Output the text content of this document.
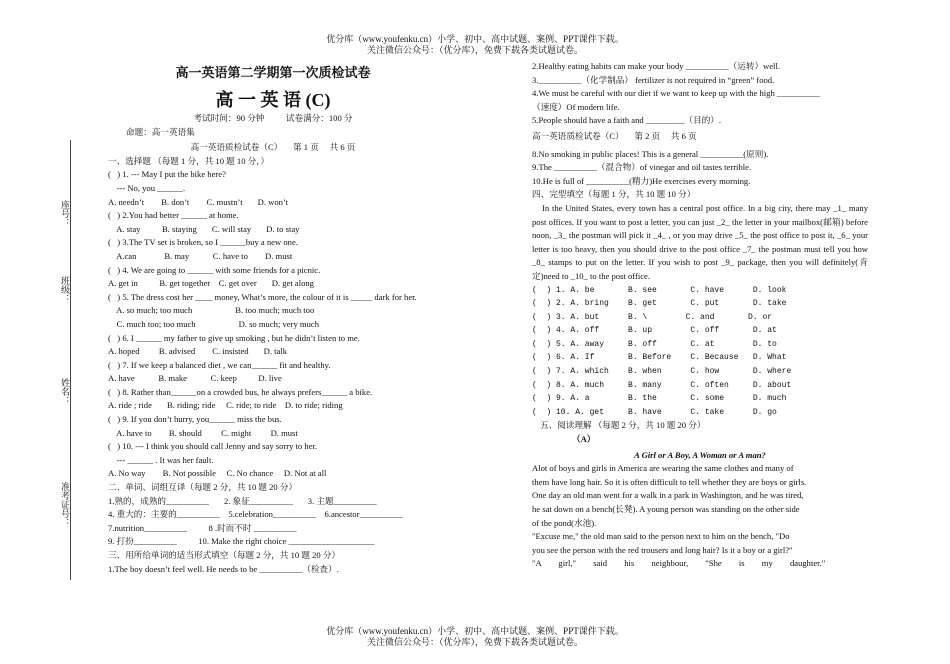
优分库（www.youfenku.cn）小学、初中、高中试题、案例、PPT课件下载。
关注微信公众号：（优分库），免费下载各类试题试卷。
座号：
班级：
姓名：
准考证号：
高一英语第二学期第一次质检试卷
高 一 英 语 (C)
考试时间：90 分钟          试卷满分：100 分
命题：高一英语集
高一英语质检试卷（C）     第 1 页     共 6 页
一、选择题 （每题 1 分，共 10 题 10 分，）
(   ) 1. --- May I put the bike here?
--- No, you ______.
A. needn’t        B. don’t        C. mustn’t       D. won’t
(   ) 2.You had better ______ at home.
A. stay          B. staying       C. will stay       D. to stay
(   ) 3.The TV set is broken, so I ______buy a new one.
A.can             B. may           C. have to        D. must
(   ) 4. We are going to ______ with some friends for a picnic.
A. get in          B. get together    C. get over       D. get along
(   ) 5. The dress cost her ____ money, What’s more, the colour of it is _____ dark for her.
A. so much; too much                    B. too much; much too
C. much too; too much                    D. so much; very much
(   ) 6. I ______ my father to give up smoking , but he didn’t listen to me.
A. hoped         B. advised        C. insisted       D. talk
(   ) 7. If we keep a balanced diet , we can______ fit and healthy.
A. have           B. make           C. keep          D. live
(   ) 8. Rather than______on a crowded bus, he always prefers______ a bike.
A. ride ; ride       B. riding; ride     C. ride; to ride    D. to ride; riding
(   ) 9. If you don’t hurry, you______ miss the bus.
A. have to        B. should         C. might         D. must
(   ) 10. --- I think you should call Jenny and say sorry to her.
--- ______ . It was her fault.
A. No way        B. Not possible     C. No chance     D. Not at all
二、单词、词组互译（每题 2 分，共 10 题 20 分）
1.熟的，成熟的__________       2. 象征__________       3. 主题__________
4. 重大的：主要的__________    5.celebration__________    6.ancestor__________
7.nutrition__________          8 .时而不时 __________
9. 打扮__________          10. Make the right choice ____________________
三、用所给单词的适当形式填空（每题 2 分，共 10 题 20 分）
1.The boy doesn’t feel well. He needs to be __________（检查）.
2.Healthy eating habits can make your body __________（运转）well.
3.__________（化学制品） fertilizer is not required in “green” food.
4.We must be careful with our diet if we want to keep up with the high __________
（速度）Of modern life.
5.People should have a faith and _________（目的）.
高一英语质检试卷（C）     第 2 页     共 6 页
8.No smoking in public places! This is a general __________(原则).
9.The __________（混合物）of vinegar and oil tastes terrible.
10.He is full of __________(精力)He exercises every morning.
四、完型填空（每题 1 分，共 10 题 10 分）
In the United States, every town has a central post office. In a big city, there may _1_ many post offices. If you want to post a letter, you can just _2_ the letter in your mailbox(邮箱) before noon, _3_ the postman will pick it _4_ , or you may drive _5_ the post office to post it, _6_ your letter is too heavy, then you should drive to the post office _7_ the postman must tell you how _8_ stamps to put on the letter. If you wish to post _9_ package, then you will definitely(肯定)need to _10_ to the post office.
(  ) 1. A. be       B. see       C. have      D. look
(  ) 2. A. bring    B. get       C. put       D. take
(  ) 3. A. but      B. \        C. and       D. or
(  ) 4. A. off      B. up        C. off       D. at
(  ) 5. A. away     B. off       C. at        D. to
(  ) 6. A. If       B. Before    C. Because   D. What
(  ) 7. A. which    B. when      C. how       D. where
(  ) 8. A. much     B. many      C. often     D. about
(  ) 9. A. a        B. the       C. some      D. much
(  ) 10. A. get     B. have      C. take      D. go
五、阅读理解 （每题 2 分，共 10 题 20 分）
（A）
A Girl or A Boy, A Woman or A man?
Alot of boys and girls in America are wearing the same clothes and many of
them have long hair. So it is often difficult to tell whether they are boys or girls.
One day an old man went for a walk in a park in Washington, and he was tired,
he sat down on a bench(长凳). A young person was standing on the other side
of the pond(水池).
"Excuse me," the old man said to the person next to him on the bench, "Do
you see the person with the red trousers and long hair? Is it a boy or a girl?"
"A        girl,"        said        his        neighbour,        "She        is        my        daughter."
优分库（www.youfenku.cn）小学、初中、高中试题、案例、PPT课件下载。
关注微信公众号：（优分库），免费下载各类试题试卷。
